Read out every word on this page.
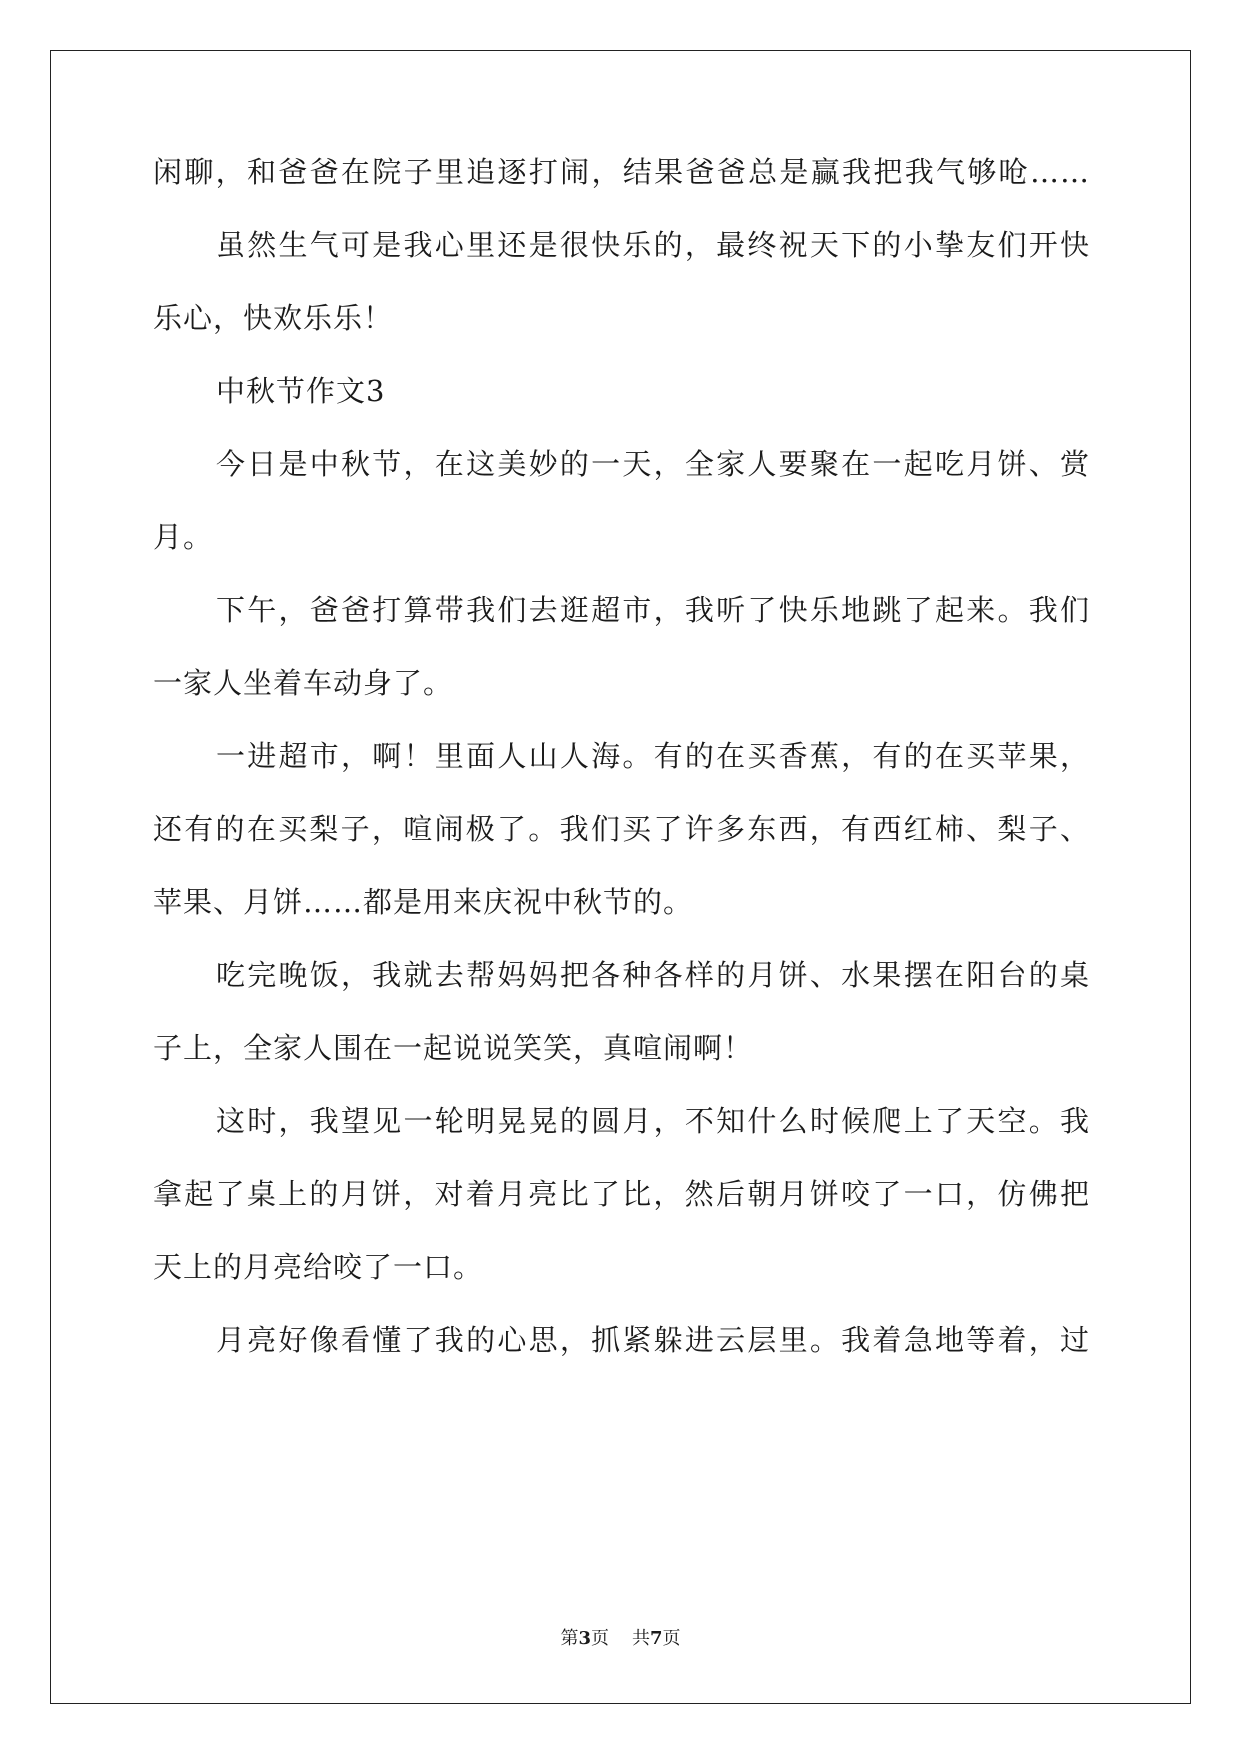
闲聊，和爸爸在院子里追逐打闹，结果爸爸总是赢我把我气够呛……
虽然生气可是我心里还是很快乐的，最终祝天下的小挚友们开快
乐心，快欢乐乐！
中秋节作文3
今日是中秋节，在这美妙的一天，全家人要聚在一起吃月饼、赏
月。
下午，爸爸打算带我们去逛超市，我听了快乐地跳了起来。我们
一家人坐着车动身了。
一进超市，啊！里面人山人海。有的在买香蕉，有的在买苹果，
还有的在买梨子，喧闹极了。我们买了许多东西，有西红柿、梨子、
苹果、月饼……都是用来庆祝中秋节的。
吃完晚饭，我就去帮妈妈把各种各样的月饼、水果摆在阳台的桌
子上，全家人围在一起说说笑笑，真喧闹啊！
这时，我望见一轮明晃晃的圆月，不知什么时候爬上了天空。我
拿起了桌上的月饼，对着月亮比了比，然后朝月饼咬了一口，仿佛把
天上的月亮给咬了一口。
月亮好像看懂了我的心思，抓紧躲进云层里。我着急地等着，过
第3页 共7页
